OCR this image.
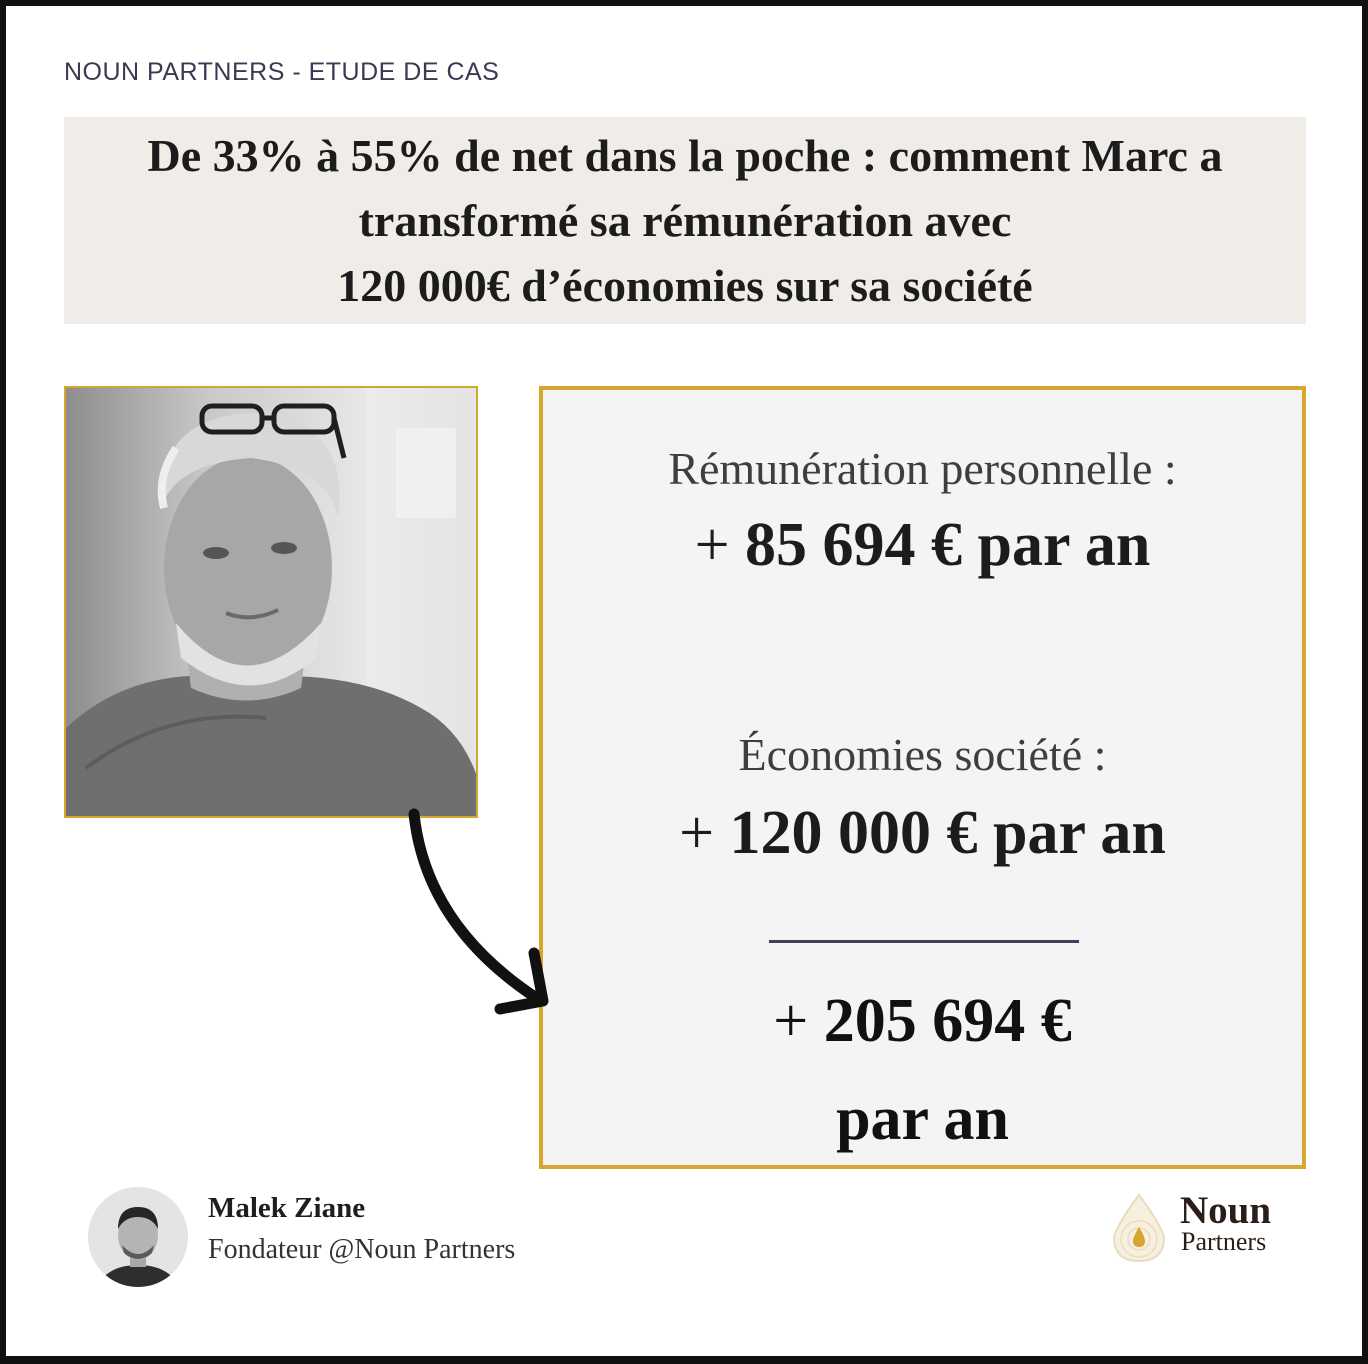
NOUN PARTNERS - ETUDE DE CAS
De 33% à 55% de net dans la poche : comment Marc a
transformé sa rémunération avec
120 000€ d’économies sur sa société
Rémunération personnelle :
+ 85 694 € par an
Économies société :
+ 120 000 € par an
+ 205 694 €
par an
Malek Ziane
Fondateur @Noun Partners
Noun
Partners
